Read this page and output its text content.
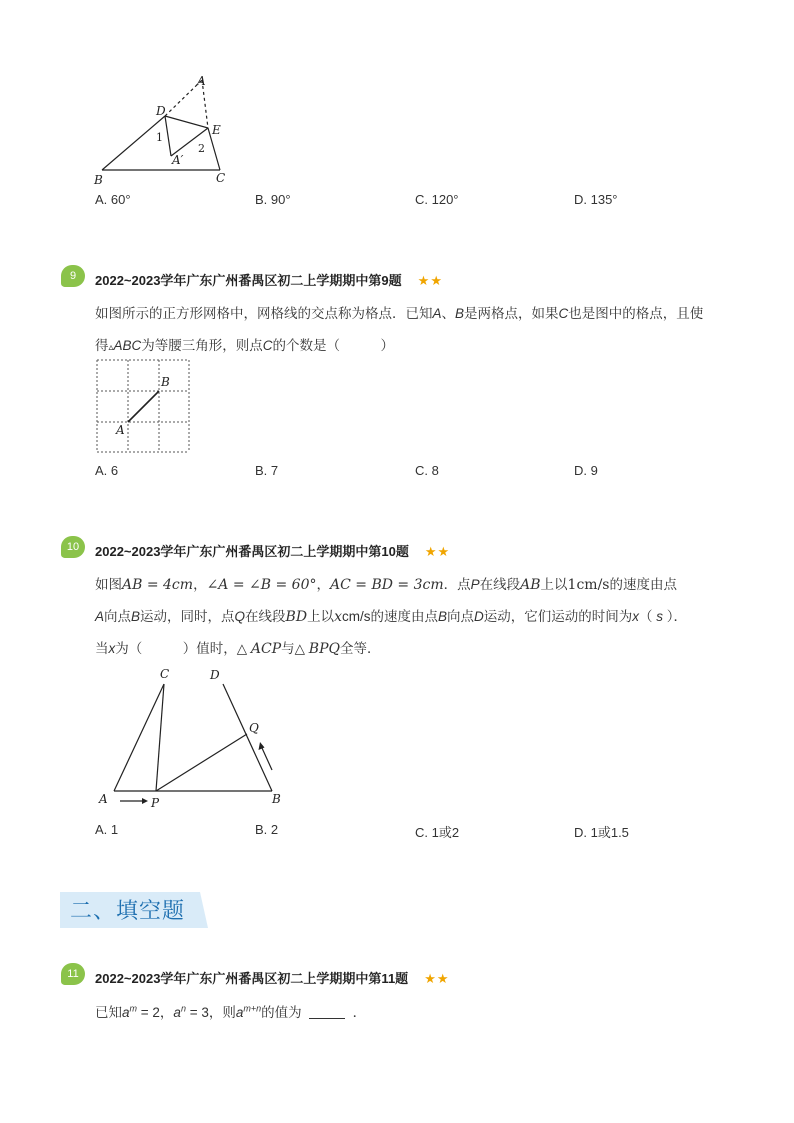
A
D
E
1
2
A′
B	C
A. 60°	B. 90°	C. 120°	D. 135°
9	2022~2023学年广东广州番禺区初二上学期期中第9题 ★★
如图所示的正方形网格中，网格线的交点称为格点．已知A、B是两格点，如果C也是图中的格点，且使
得▵ABC为等腰三角形，则点C的个数是（　　　）
A
B
A. 6	B. 7	C. 8	D. 9
10	2022~2023学年广东广州番禺区初二上学期期中第10题 ★★
如图AB = 4cm，∠A = ∠B = 60°，AC = BD = 3cm．点P在线段AB上以1cm/s的速度由点
A向点B运动，同时，点Q在线段BD上以xcm/s的速度由点B向点D运动，它们运动的时间为x（ s ）．
当x为（　　　）值时，△ ACP与△ BPQ全等．
C	D
Q
A	P	B
A. 1	B. 2	C. 1或2	D. 1或1.5
二、填空题
11	2022~2023学年广东广州番禺区初二上学期期中第11题 ★★
已知$a^m = 2$，$a^n = 3$，则$a^{m+n}$的值为	．
